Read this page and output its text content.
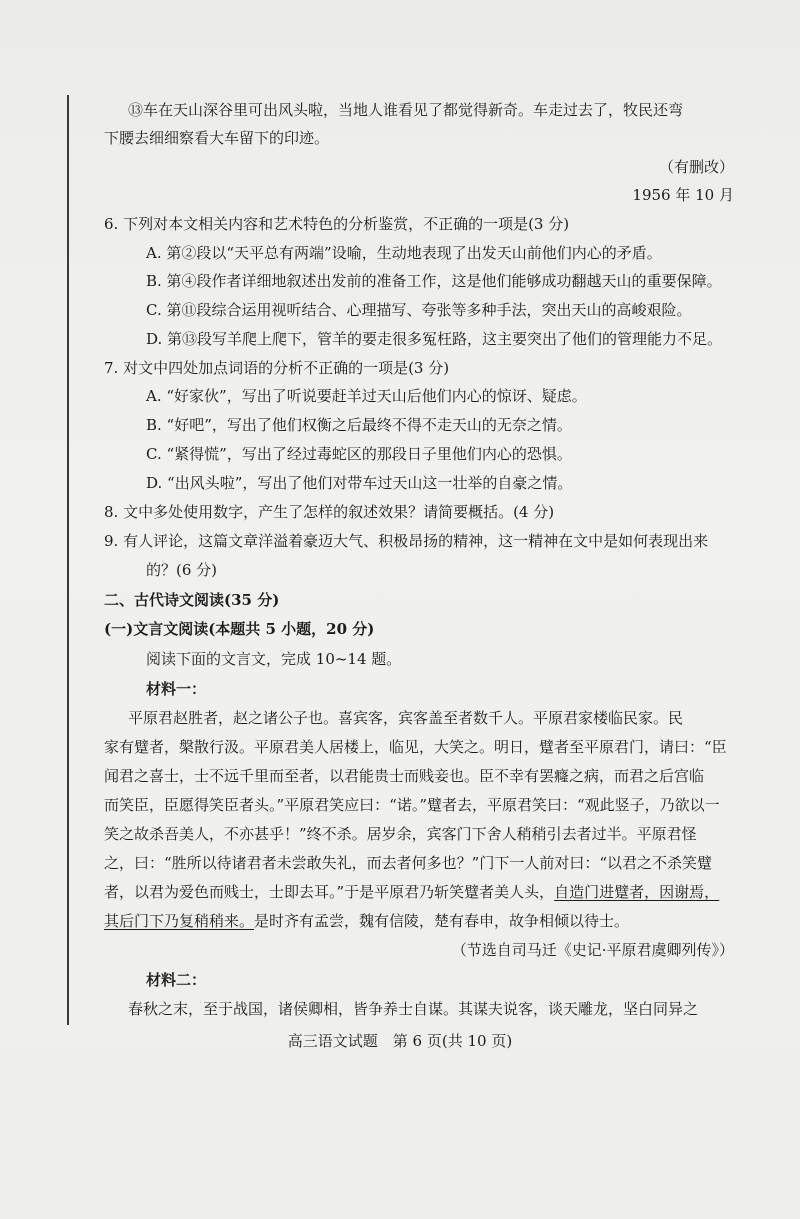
⑬车在天山深谷里可出风头啦，当地人谁看见了都觉得新奇。车走过去了，牧民还弯
下腰去细细察看大车留下的印迹。
（有删改）
1956 年 10 月
6. 下列对本文相关内容和艺术特色的分析鉴赏，不正确的一项是(3 分)
A. 第②段以“天平总有两端”设喻，生动地表现了出发天山前他们内心的矛盾。
B. 第④段作者详细地叙述出发前的准备工作，这是他们能够成功翻越天山的重要保障。
C. 第⑪段综合运用视听结合、心理描写、夸张等多种手法，突出天山的高峻艰险。
D. 第⑬段写羊爬上爬下，管羊的要走很多冤枉路，这主要突出了他们的管理能力不足。
7. 对文中四处加点词语的分析不正确的一项是(3 分)
A. “好家伙”，写出了听说要赶羊过天山后他们内心的惊讶、疑虑。
B. “好吧”，写出了他们权衡之后最终不得不走天山的无奈之情。
C. “紧得慌”，写出了经过毒蛇区的那段日子里他们内心的恐惧。
D. “出风头啦”，写出了他们对带车过天山这一壮举的自豪之情。
8. 文中多处使用数字，产生了怎样的叙述效果？请简要概括。(4 分)
9. 有人评论，这篇文章洋溢着豪迈大气、积极昂扬的精神，这一精神在文中是如何表现出来
的？(6 分)
二、古代诗文阅读(35 分)
(一)文言文阅读(本题共 5 小题，20 分)
阅读下面的文言文，完成 10~14 题。
材料一：
平原君赵胜者，赵之诸公子也。喜宾客，宾客盖至者数千人。平原君家楼临民家。民
家有躄者，槃散行汲。平原君美人居楼上，临见，大笑之。明日，躄者至平原君门，请曰：“臣
闻君之喜士，士不远千里而至者，以君能贵士而贱妾也。臣不幸有罢癃之病，而君之后宫临
而笑臣，臣愿得笑臣者头。”平原君笑应曰：“诺。”躄者去，平原君笑曰：“观此竖子，乃欲以一
笑之故杀吾美人，不亦甚乎！”终不杀。居岁余，宾客门下舍人稍稍引去者过半。平原君怪
之，曰：“胜所以待诸君者未尝敢失礼，而去者何多也？”门下一人前对曰：“以君之不杀笑躄
者，以君为爱色而贱士，士即去耳。”于是平原君乃斩笑躄者美人头，自造门进躄者，因谢焉，
其后门下乃复稍稍来。是时齐有孟尝，魏有信陵，楚有春申，故争相倾以待士。
（节选自司马迁《史记·平原君虞卿列传》）
材料二：
春秋之末，至于战国，诸侯卿相，皆争养士自谋。其谋夫说客，谈天雕龙，坚白同异之
高三语文试题　第 6 页(共 10 页)
